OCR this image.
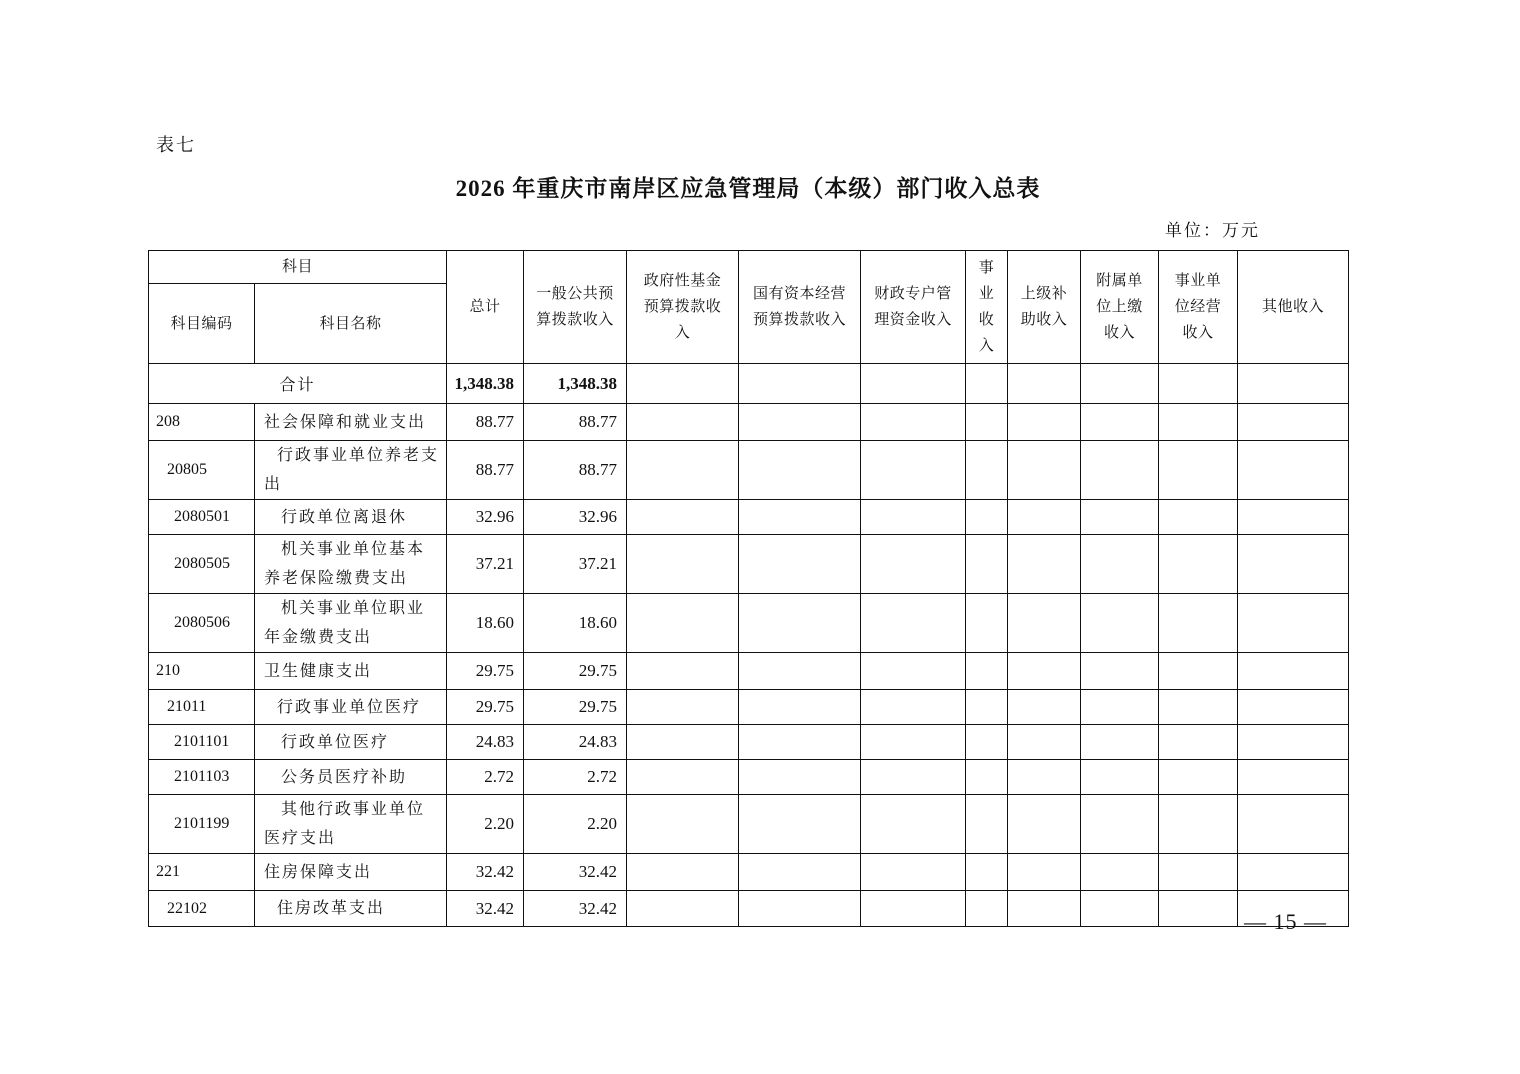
表七
2026 年重庆市南岸区应急管理局（本级）部门收入总表
单位：万元
科目		总计	一般公共预算拨款收入	政府性基金预算拨款收入	国有资本经营预算拨款收入	财政专户管理资金收入	事业收入	上级补助收入	附属单位上缴收入	事业单位经营收入	其他收入
科目编码	科目名称										
合计		1,348.38	1,348.38								
208	社会保障和就业支出	88.77	88.77								
20805	行政事业单位养老支出	88.77	88.77								
2080501	行政单位离退休	32.96	32.96								
2080505	机关事业单位基本养老保险缴费支出	37.21	37.21								
2080506	机关事业单位职业年金缴费支出	18.60	18.60								
210	卫生健康支出	29.75	29.75								
21011	行政事业单位医疗	29.75	29.75								
2101101	行政单位医疗	24.83	24.83								
2101103	公务员医疗补助	2.72	2.72								
2101199	其他行政事业单位医疗支出	2.20	2.20								
221	住房保障支出	32.42	32.42								
22102	住房改革支出	32.42	32.42								
— 15 —
